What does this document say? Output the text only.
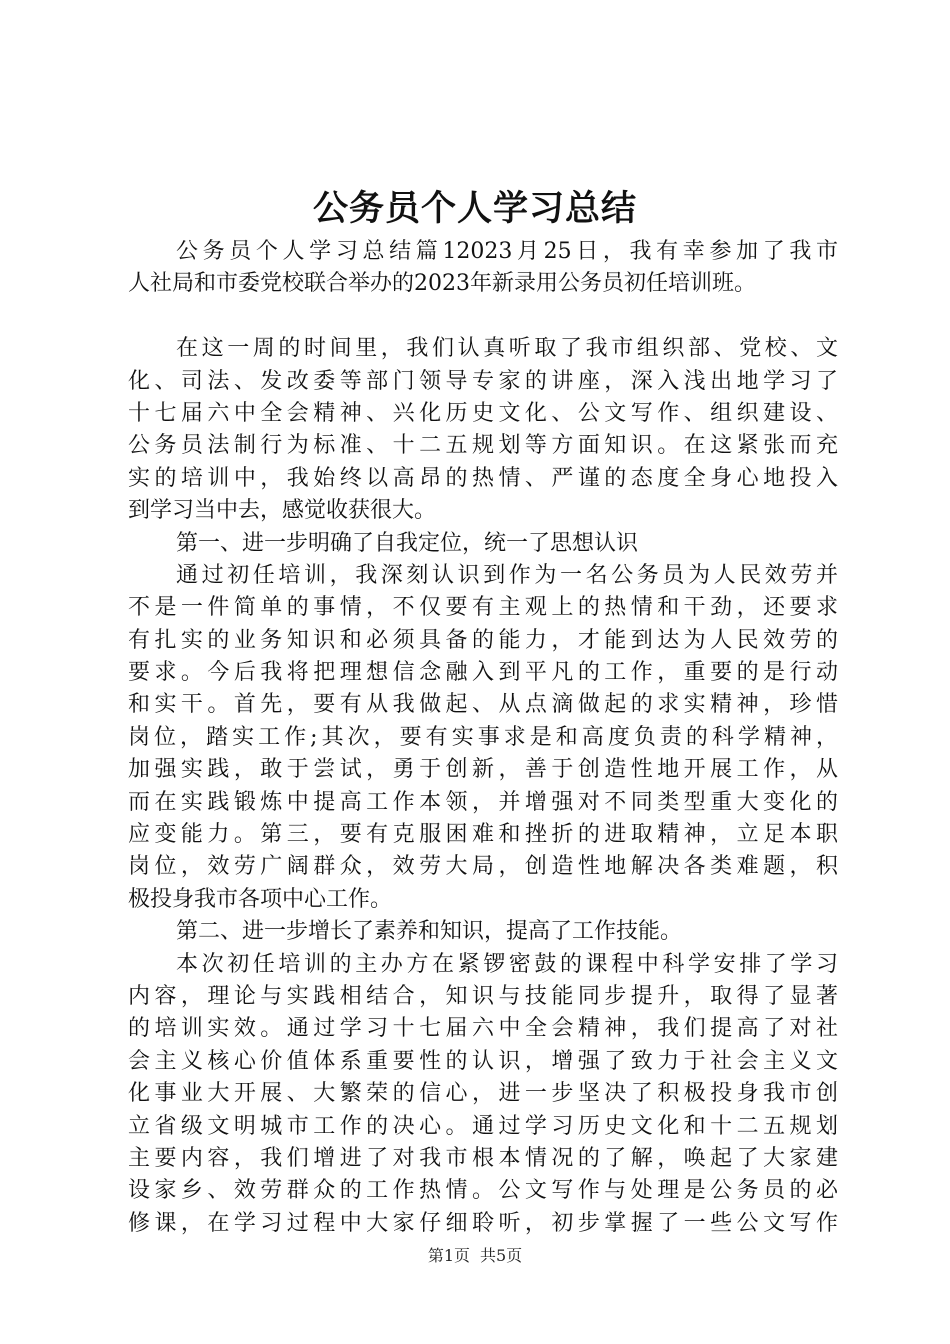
公务员个人学习总结
公务员个人学习总结篇12023月25日，我有幸参加了我市
人社局和市委党校联合举办的2023年新录用公务员初任培训班。
在这一周的时间里，我们认真听取了我市组织部、党校、文
化、司法、发改委等部门领导专家的讲座，深入浅出地学习了
十七届六中全会精神、兴化历史文化、公文写作、组织建设、
公务员法制行为标准、十二五规划等方面知识。在这紧张而充
实的培训中，我始终以高昂的热情、严谨的态度全身心地投入
到学习当中去，感觉收获很大。
第一、进一步明确了自我定位，统一了思想认识
通过初任培训，我深刻认识到作为一名公务员为人民效劳并
不是一件简单的事情，不仅要有主观上的热情和干劲，还要求
有扎实的业务知识和必须具备的能力，才能到达为人民效劳的
要求。今后我将把理想信念融入到平凡的工作，重要的是行动
和实干。首先，要有从我做起、从点滴做起的求实精神，珍惜
岗位，踏实工作;其次，要有实事求是和高度负责的科学精神，
加强实践，敢于尝试，勇于创新，善于创造性地开展工作，从
而在实践锻炼中提高工作本领，并增强对不同类型重大变化的
应变能力。第三，要有克服困难和挫折的进取精神，立足本职
岗位，效劳广阔群众，效劳大局，创造性地解决各类难题，积
极投身我市各项中心工作。
第二、进一步增长了素养和知识，提高了工作技能。
本次初任培训的主办方在紧锣密鼓的课程中科学安排了学习
内容，理论与实践相结合，知识与技能同步提升，取得了显著
的培训实效。通过学习十七届六中全会精神，我们提高了对社
会主义核心价值体系重要性的认识，增强了致力于社会主义文
化事业大开展、大繁荣的信心，进一步坚决了积极投身我市创
立省级文明城市工作的决心。通过学习历史文化和十二五规划
主要内容，我们增进了对我市根本情况的了解，唤起了大家建
设家乡、效劳群众的工作热情。公文写作与处理是公务员的必
修课，在学习过程中大家仔细聆听，初步掌握了一些公文写作
第1页 共5页
